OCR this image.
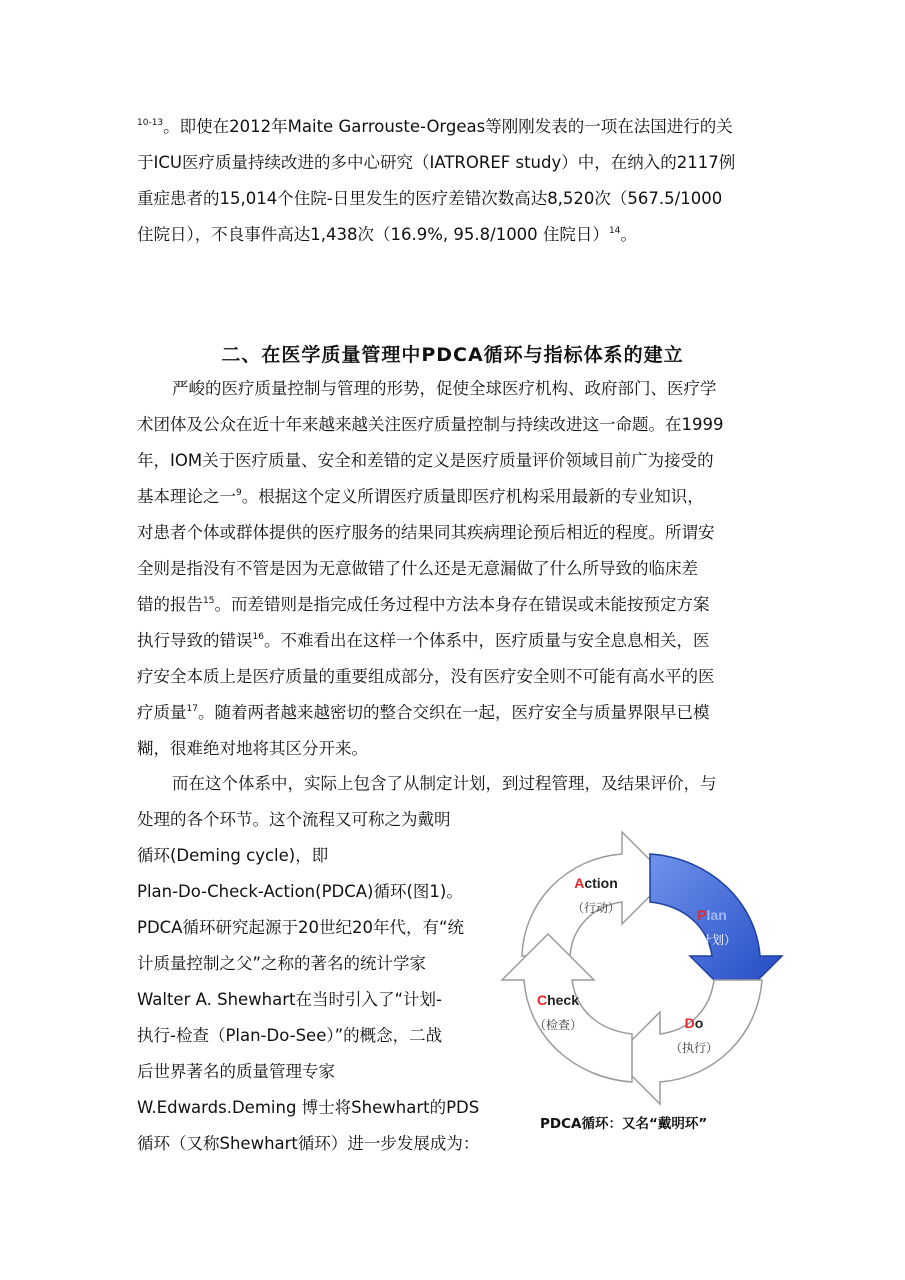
$^{10-13}$。即使在2012年Maite Garrouste-Orgeas等刚刚发表的一项在法国进行的关
于ICU医疗质量持续改进的多中心研究（IATROREF study）中，在纳入的2117例
重症患者的15,014个住院-日里发生的医疗差错次数高达8,520次（567.5/1000
住院日），不良事件高达1,438次（16.9%, 95.8/1000 住院日）$^{14}$。
二、在医学质量管理中PDCA循环与指标体系的建立
严峻的医疗质量控制与管理的形势，促使全球医疗机构、政府部门、医疗学
术团体及公众在近十年来越来越关注医疗质量控制与持续改进这一命题。在1999
年，IOM关于医疗质量、安全和差错的定义是医疗质量评价领域目前广为接受的
基本理论之一$^9$。根据这个定义所谓医疗质量即医疗机构采用最新的专业知识，
对患者个体或群体提供的医疗服务的结果同其疾病理论预后相近的程度。所谓安
全则是指没有不管是因为无意做错了什么还是无意漏做了什么所导致的临床差
错的报告$^{15}$。而差错则是指完成任务过程中方法本身存在错误或未能按预定方案
执行导致的错误$^{16}$。不难看出在这样一个体系中，医疗质量与安全息息相关，医
疗安全本质上是医疗质量的重要组成部分，没有医疗安全则不可能有高水平的医
疗质量$^{17}$。随着两者越来越密切的整合交织在一起，医疗安全与质量界限早已模
糊，很难绝对地将其区分开来。
而在这个体系中，实际上包含了从制定计划，到过程管理，及结果评价，与
处理的各个环节。这个流程又可称之为戴明
循环(Deming cycle)，即
Plan-Do-Check-Action(PDCA)循环(图1)。
PDCA循环研究起源于20世纪20年代，有“统
计质量控制之父”之称的著名的统计学家
Walter A. Shewhart在当时引入了“计划-
执行-检查（Plan-Do-See）”的概念，二战
后世界著名的质量管理专家
W.Edwards.Deming 博士将Shewhart的PDS
循环（又称Shewhart循环）进一步发展成为：
Action
（行动）	Plan
（计划）
Do
（执行）
Check
（检查）
PDCA循环：又名“戴明环”
